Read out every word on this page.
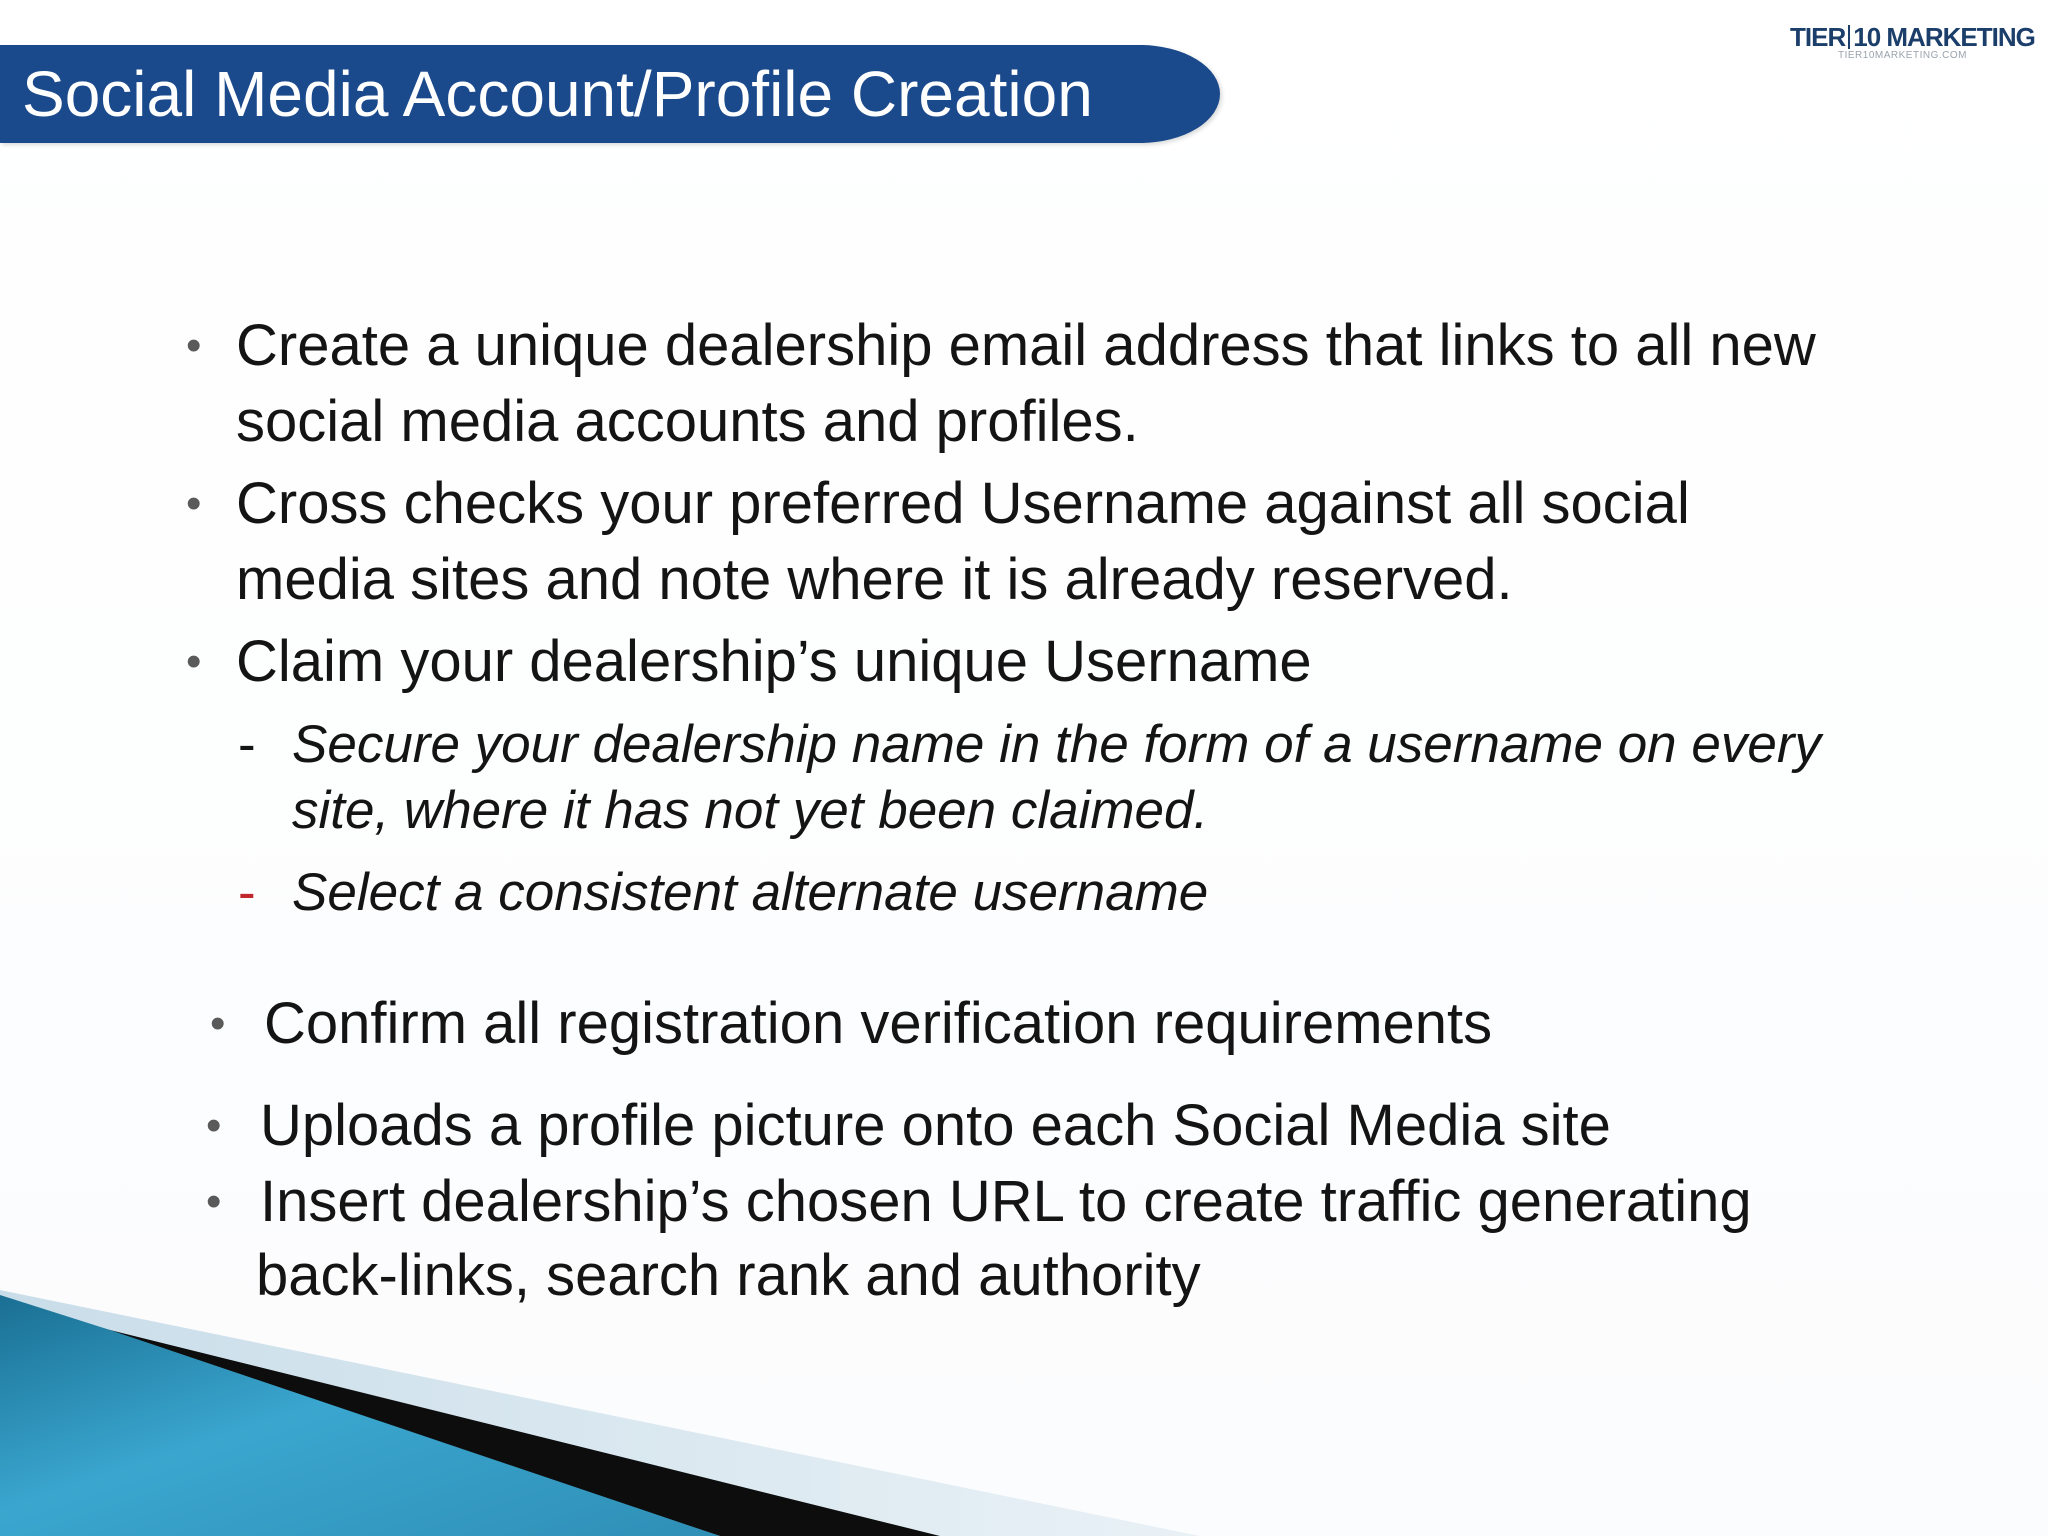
Social Media Account/Profile Creation
TIER 10 MARKETING
TIER10MARKETING.COM
• Create a unique dealership email address that links to all new
social media accounts and profiles.
• Cross checks your preferred Username against all social
media sites and note where it is already reserved.
• Claim your dealership’s unique Username
- Secure your dealership name in the form of a username on every
site, where it has not yet been claimed.
- Select a consistent alternate username
• Confirm all registration verification requirements
• Uploads a profile picture onto each Social Media site
• Insert dealership’s chosen URL to create traffic generating
back-links, search rank and authority
